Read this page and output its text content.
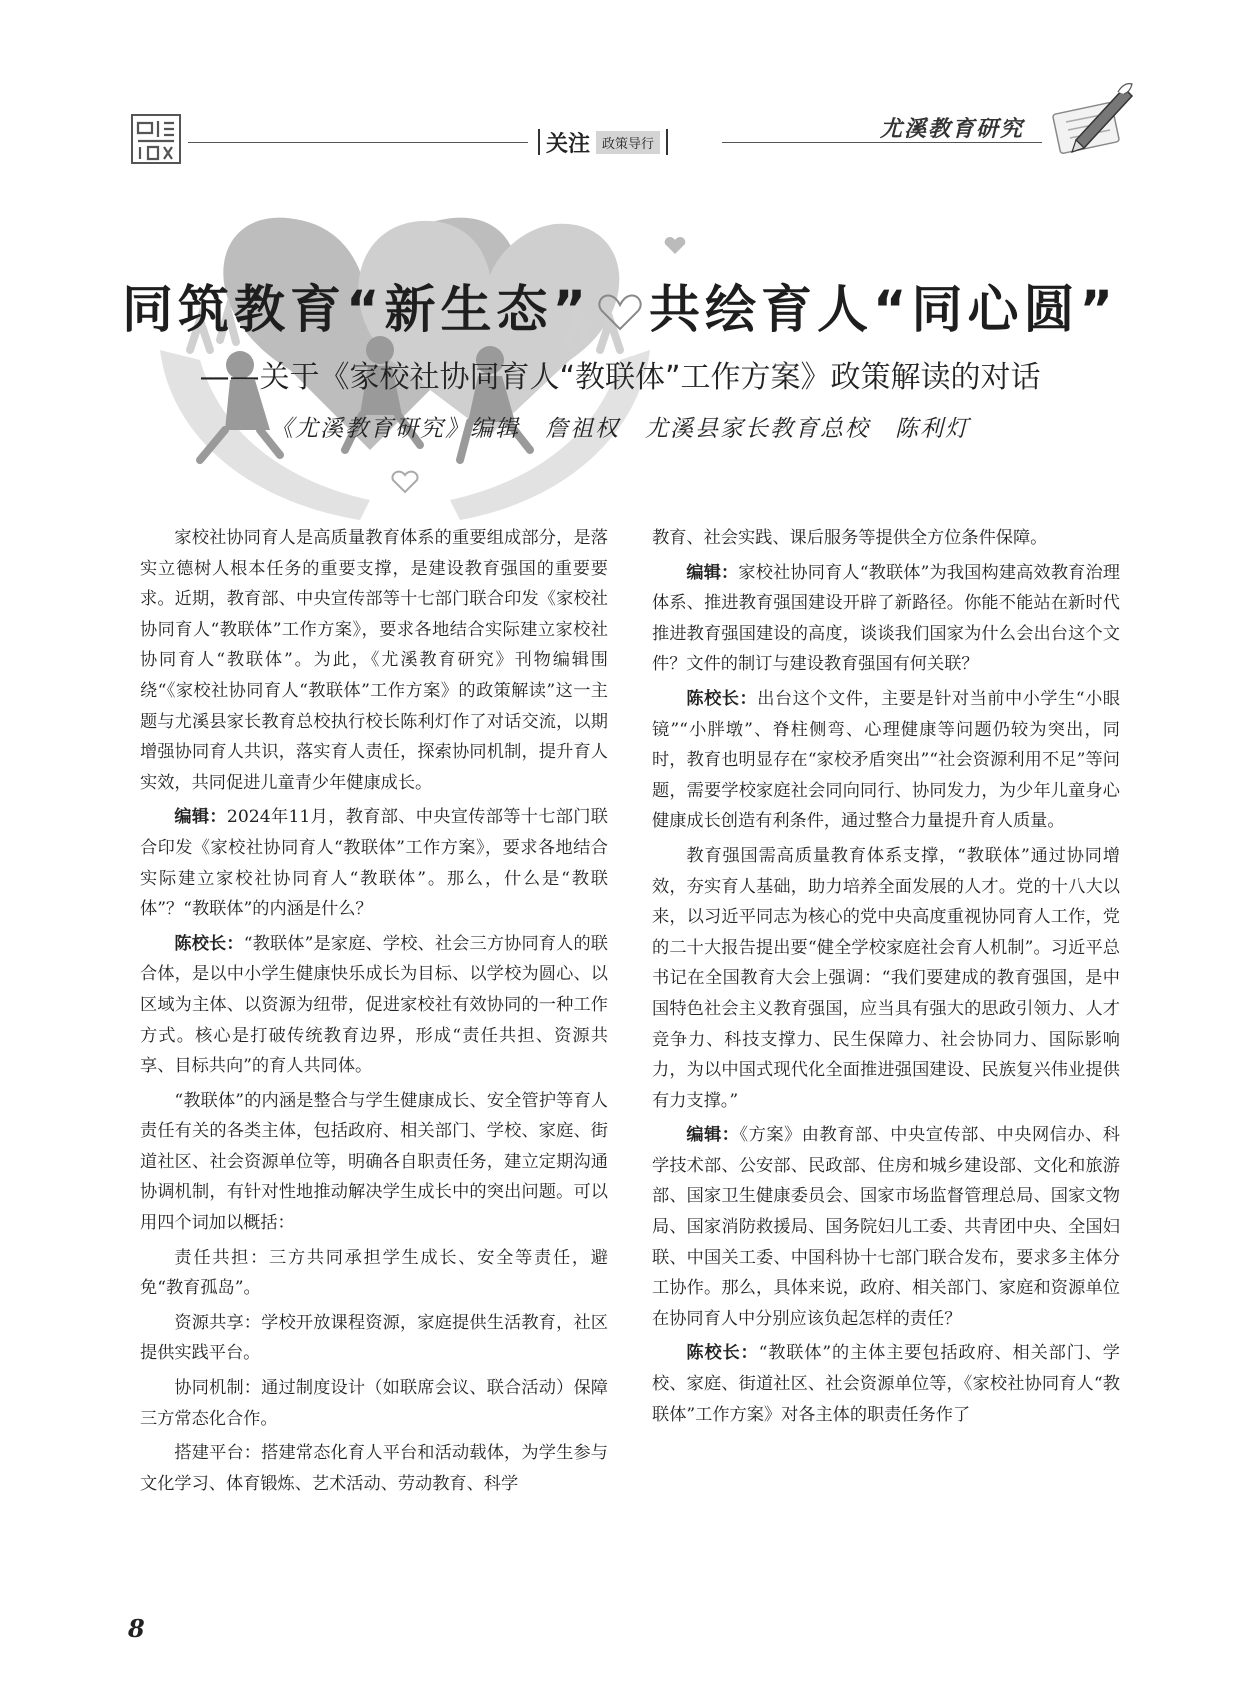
关注 政策导行
尤溪教育研究
同筑教育“新生态” 共绘育人“同心圆”
——关于《家校社协同育人“教联体”工作方案》政策解读的对话
《尤溪教育研究》编辑　詹祖权　尤溪县家长教育总校　陈利灯

家校社协同育人是高质量教育体系的重要组成部分，是落实立德树人根本任务的重要支撑，是建设教育强国的重要要求。近期，教育部、中央宣传部等十七部门联合印发《家校社协同育人“教联体”工作方案》，要求各地结合实际建立家校社协同育人“教联体”。为此，《尤溪教育研究》刊物编辑围绕“《家校社协同育人“教联体”工作方案》的政策解读”这一主题与尤溪县家长教育总校执行校长陈利灯作了对话交流，以期增强协同育人共识，落实育人责任，探索协同机制，提升育人实效，共同促进儿童青少年健康成长。

编辑：2024年11月，教育部、中央宣传部等十七部门联合印发《家校社协同育人“教联体”工作方案》，要求各地结合实际建立家校社协同育人“教联体”。那么，什么是“教联体”？“教联体”的内涵是什么？

陈校长：“教联体”是家庭、学校、社会三方协同育人的联合体，是以中小学生健康快乐成长为目标、以学校为圆心、以区域为主体、以资源为纽带，促进家校社有效协同的一种工作方式。核心是打破传统教育边界，形成“责任共担、资源共享、目标共向”的育人共同体。

“教联体”的内涵是整合与学生健康成长、安全管护等育人责任有关的各类主体，包括政府、相关部门、学校、家庭、街道社区、社会资源单位等，明确各自职责任务，建立定期沟通协调机制，有针对性地推动解决学生成长中的突出问题。可以用四个词加以概括：

责任共担：三方共同承担学生成长、安全等责任，避免“教育孤岛”。

资源共享：学校开放课程资源，家庭提供生活教育，社区提供实践平台。

协同机制：通过制度设计（如联席会议、联合活动）保障三方常态化合作。

搭建平台：搭建常态化育人平台和活动载体，为学生参与文化学习、体育锻炼、艺术活动、劳动教育、科学

教育、社会实践、课后服务等提供全方位条件保障。

编辑：家校社协同育人“教联体”为我国构建高效教育治理体系、推进教育强国建设开辟了新路径。你能不能站在新时代推进教育强国建设的高度，谈谈我们国家为什么会出台这个文件？文件的制订与建设教育强国有何关联？

陈校长：出台这个文件，主要是针对当前中小学生“小眼镜”“小胖墩”、脊柱侧弯、心理健康等问题仍较为突出，同时，教育也明显存在“家校矛盾突出”“社会资源利用不足”等问题，需要学校家庭社会同向同行、协同发力，为少年儿童身心健康成长创造有利条件，通过整合力量提升育人质量。

教育强国需高质量教育体系支撑，“教联体”通过协同增效，夯实育人基础，助力培养全面发展的人才。党的十八大以来，以习近平同志为核心的党中央高度重视协同育人工作，党的二十大报告提出要“健全学校家庭社会育人机制”。习近平总书记在全国教育大会上强调：“我们要建成的教育强国，是中国特色社会主义教育强国，应当具有强大的思政引领力、人才竞争力、科技支撑力、民生保障力、社会协同力、国际影响力，为以中国式现代化全面推进强国建设、民族复兴伟业提供有力支撑。”

编辑：《方案》由教育部、中央宣传部、中央网信办、科学技术部、公安部、民政部、住房和城乡建设部、文化和旅游部、国家卫生健康委员会、国家市场监督管理总局、国家文物局、国家消防救援局、国务院妇儿工委、共青团中央、全国妇联、中国关工委、中国科协十七部门联合发布，要求多主体分工协作。那么，具体来说，政府、相关部门、家庭和资源单位在协同育人中分别应该负起怎样的责任？

陈校长：“教联体”的主体主要包括政府、相关部门、学校、家庭、街道社区、社会资源单位等，《家校社协同育人“教联体”工作方案》对各主体的职责任务作了

8
